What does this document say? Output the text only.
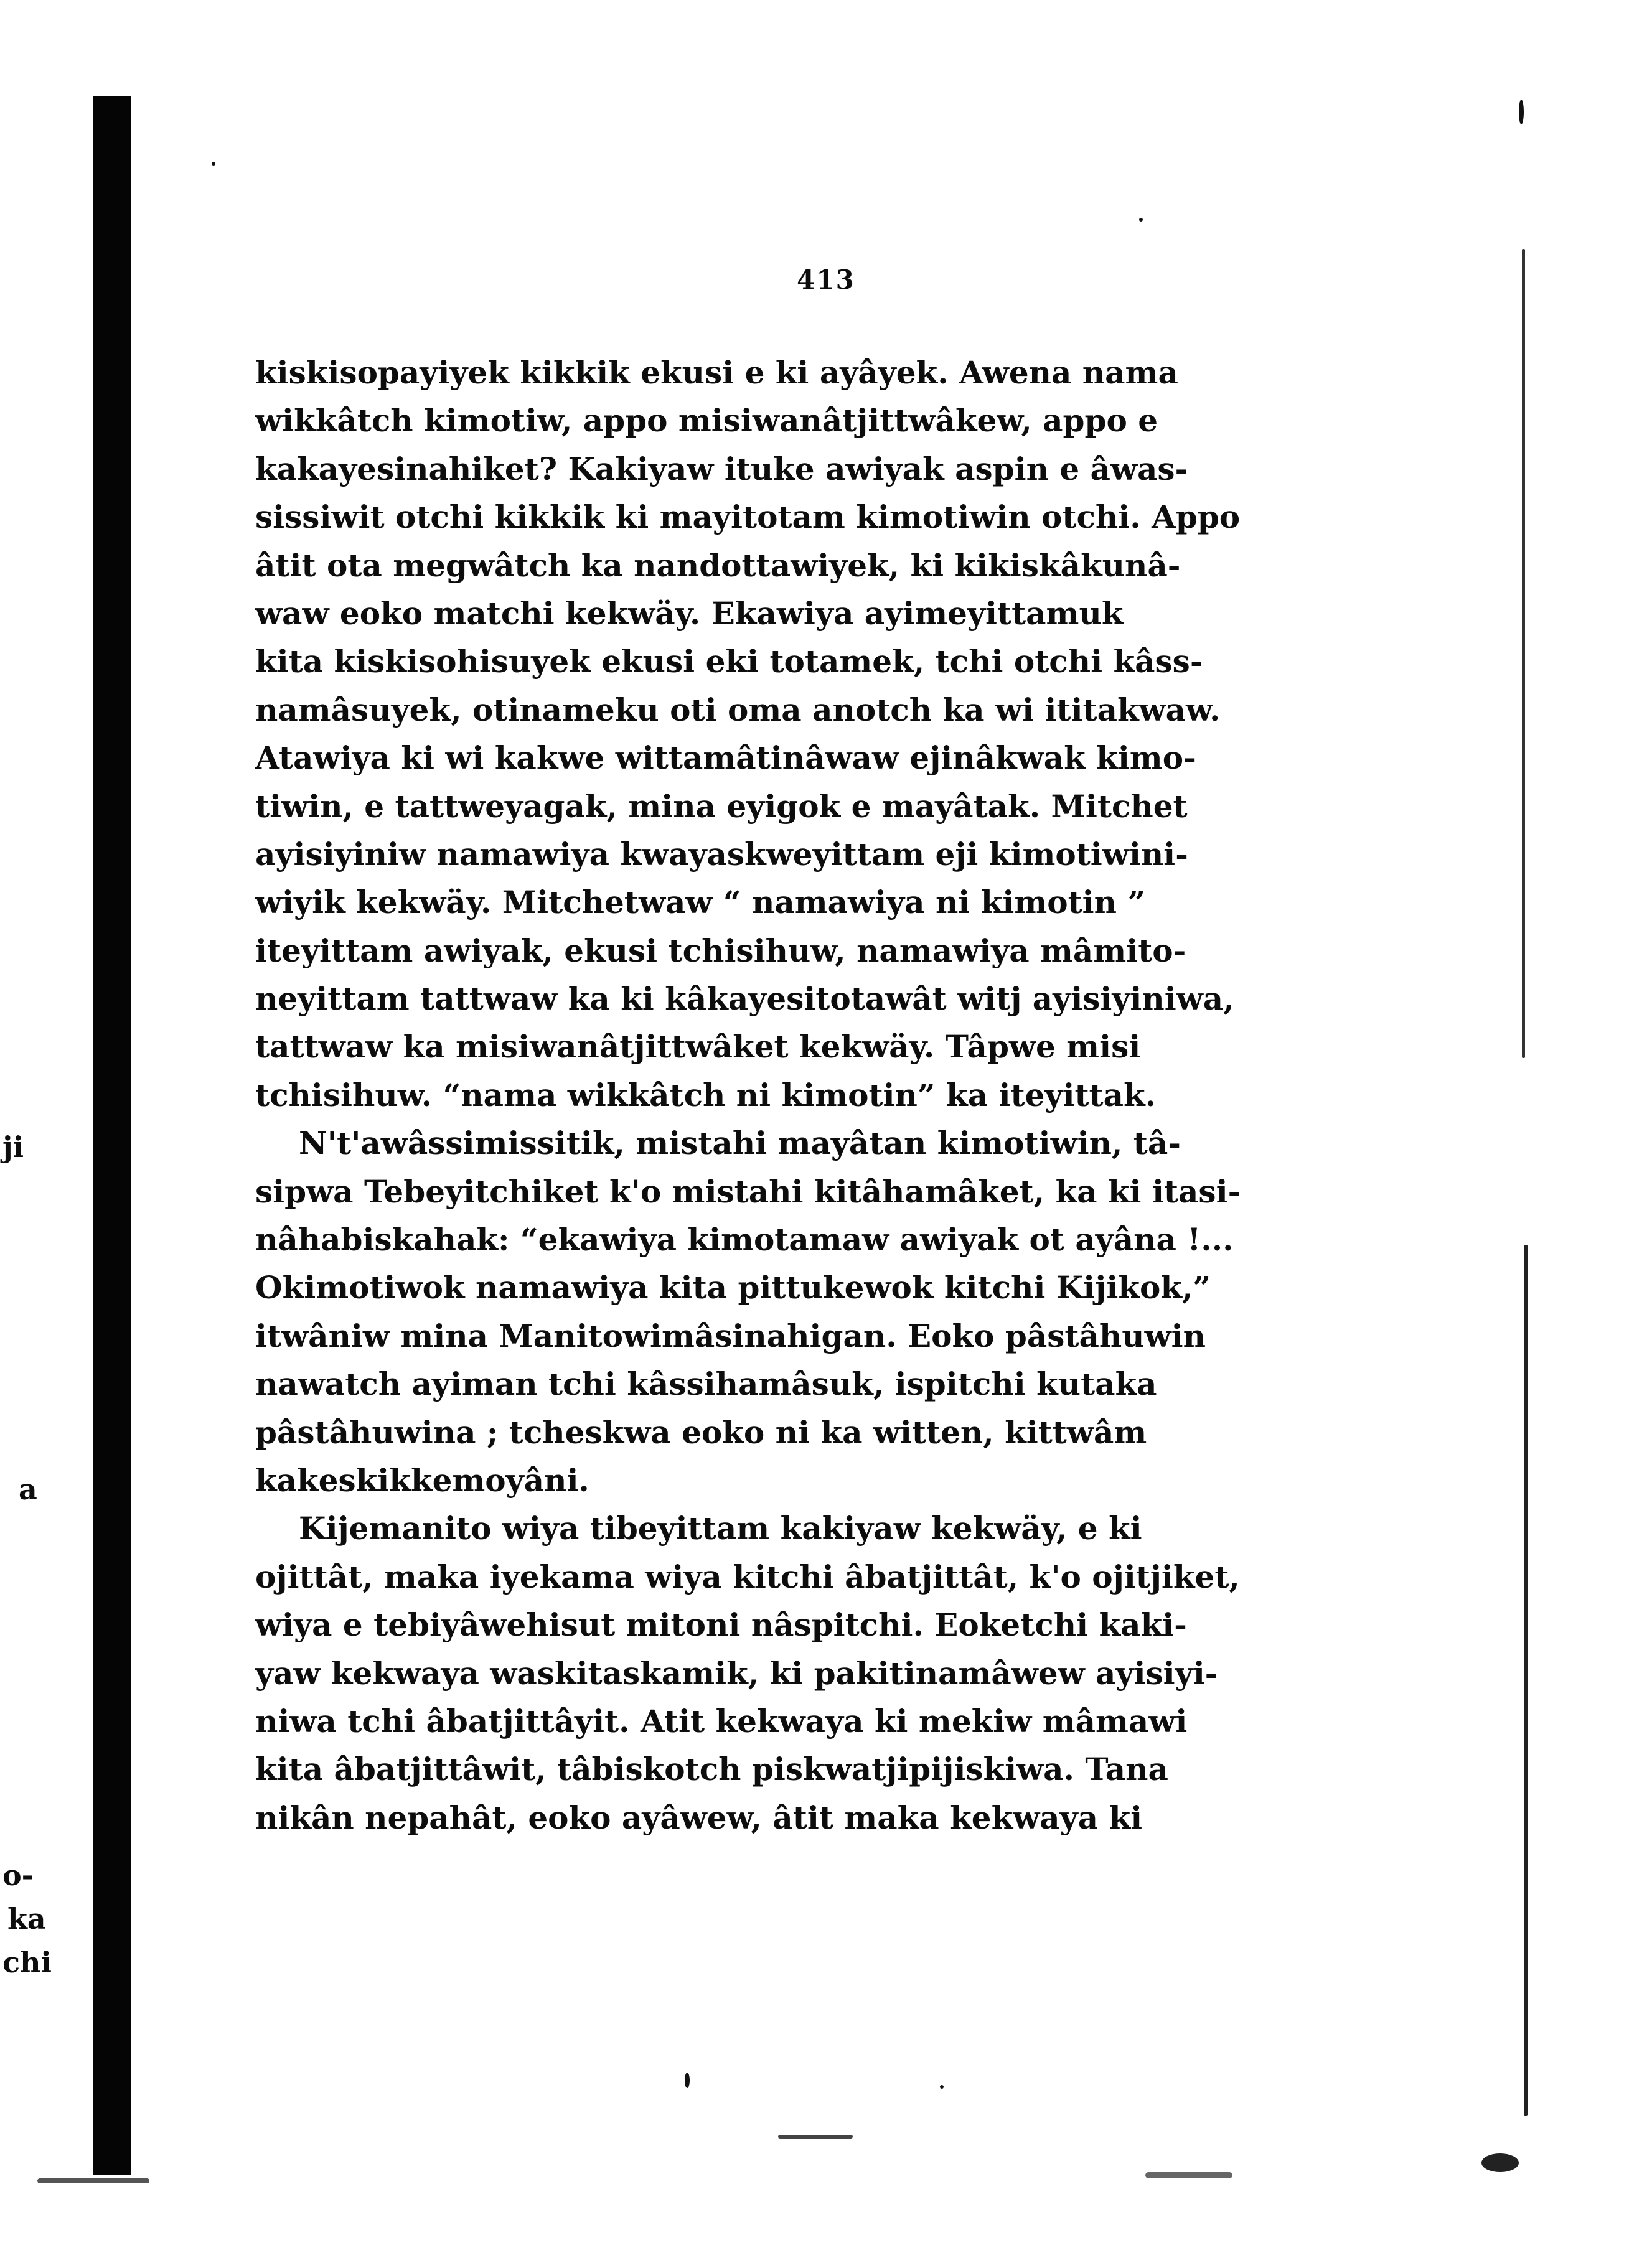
413
kiskisopayiyek kikkik ekusi e ki ayâyek. Awena nama
wikkâtch kimotiw, appo misiwanâtjittwâkew, appo e
kakayesinahiket? Kakiyaw ituke awiyak aspin e âwas-
sissiwit otchi kikkik ki mayitotam kimotiwin otchi. Appo
âtit ota megwâtch ka nandottawiyek, ki kikiskâkunâ-
waw eoko matchi kekwäy. Ekawiya ayimeyittamuk
kita kiskisohisuyek ekusi eki totamek, tchi otchi kâss-
namâsuyek, otinameku oti oma anotch ka wi ititakwaw.
Atawiya ki wi kakwe wittamâtinâwaw ejinâkwak kimo-
tiwin, e tattweyagak, mina eyigok e mayâtak. Mitchet
ayisiyiniw namawiya kwayaskweyittam eji kimotiwini-
wiyik kekwäy. Mitchetwaw “ namawiya ni kimotin ”
iteyittam awiyak, ekusi tchisihuw, namawiya mâmito-
neyittam tattwaw ka ki kâkayesitotawât witj ayisiyiniwa,
tattwaw ka misiwanâtjittwâket kekwäy. Tâpwe misi
tchisihuw. “nama wikkâtch ni kimotin” ka iteyittak.
N't'awâssimissitik, mistahi mayâtan kimotiwin, tâ-
sipwa Tebeyitchiket k'o mistahi kitâhamâket, ka ki itasi-
nâhabiskahak: “ekawiya kimotamaw awiyak ot ayâna !...
Okimotiwok namawiya kita pittukewok kitchi Kijikok,”
itwâniw mina Manitowimâsinahigan. Eoko pâstâhuwin
nawatch ayiman tchi kâssihamâsuk, ispitchi kutaka
pâstâhuwina ; tcheskwa eoko ni ka witten, kittwâm
kakeskikkemoyâni.
Kijemanito wiya tibeyittam kakiyaw kekwäy, e ki
ojittât, maka iyekama wiya kitchi âbatjittât, k'o ojitjiket,
wiya e tebiyâwehisut mitoni nâspitchi. Eoketchi kaki-
yaw kekwaya waskitaskamik, ki pakitinamâwew ayisiyi-
niwa tchi âbatjittâyit. Atit kekwaya ki mekiw mâmawi
kita âbatjittâwit, tâbiskotch piskwatjipijiskiwa. Tana
nikân nepahât, eoko ayâwew, âtit maka kekwaya ki
ji
a
o-
ka
chi
